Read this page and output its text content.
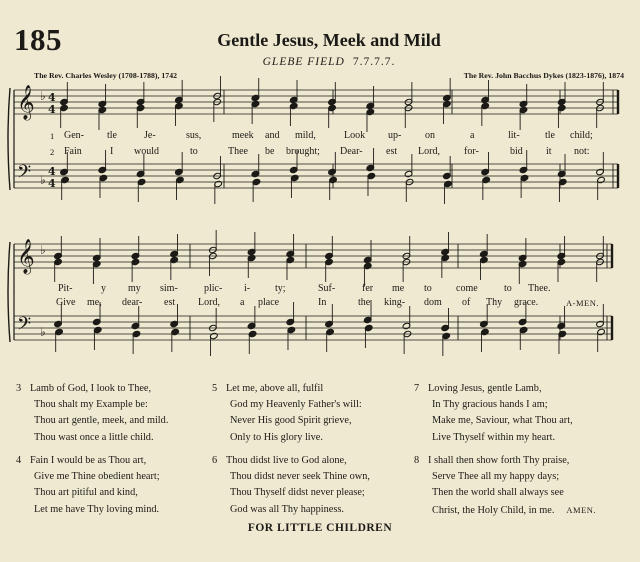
185	Gentle Jesus, Meek and Mild
GLEBE FIELD 7.7.7.7.
The Rev. Charles Wesley (1708-1788), 1742	The Rev. John Bacchus Dykes (1823-1876), 1874
𝄞
𝄢
♭
♭
4
4
4
4
𝄞
𝄢
♭
♭
1 Gen- tle	Je-	sus,	meek and mild,	Look up- on	a	lit-	tle child;
2 Fain	I would	to	Thee be brought; Dear- est Lord, for-	bid it not:
Pit-	y my sim-	plic- i- ty;	Suf-	fer me to come	to Thee.
Give me, dear- est Lord, a place	In	the king- dom of Thy grace.	A-MEN.
3 Lamb of God, I look to Thee,
Thou shalt my Example be:
Thou art gentle, meek, and mild.
Thou wast once a little child.
4 Fain I would be as Thou art,
Give me Thine obedient heart;
Thou art pitiful and kind,
Let me have Thy loving mind.
5 Let me, above all, fulfil
God my Heavenly Father's will:
Never His good Spirit grieve,
Only to His glory live.
6 Thou didst live to God alone,
Thou didst never seek Thine own,
Thou Thyself didst never please;
God was all Thy happiness.
7 Loving Jesus, gentle Lamb,
In Thy gracious hands I am;
Make me, Saviour, what Thou art,
Live Thyself within my heart.
8 I shall then show forth Thy praise,
Serve Thee all my happy days;
Then the world shall always see
Christ, the Holy Child, in me. AMEN.
FOR LITTLE CHILDREN
